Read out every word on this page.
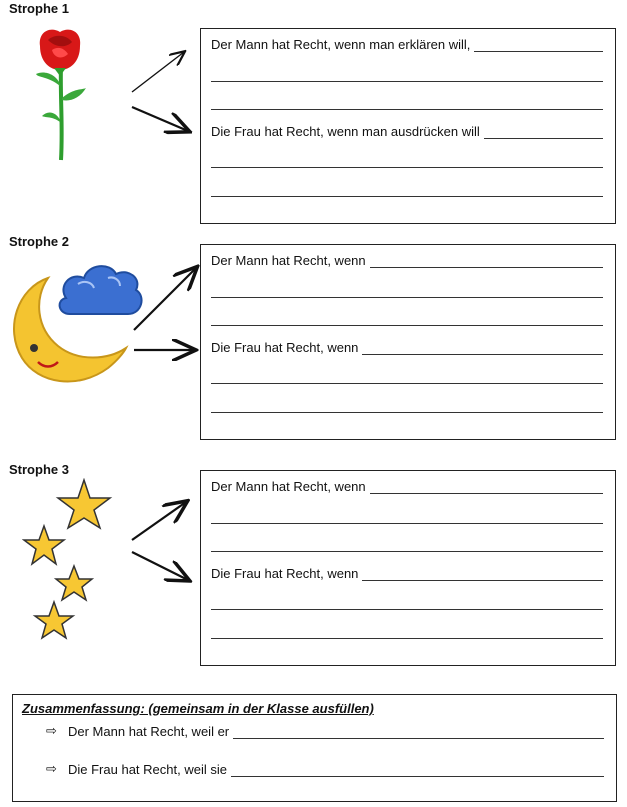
Strophe 1
Der Mann hat Recht, wenn man erklären will,
Die Frau hat Recht, wenn man ausdrücken will
Strophe 2
Der Mann hat Recht, wenn
Die Frau hat Recht, wenn
Strophe 3
Der Mann hat Recht, wenn
Die Frau hat Recht, wenn
Zusammenfassung: (gemeinsam in der Klasse ausfüllen)
⇨ Der Mann hat Recht, weil er
⇨ Die Frau hat Recht, weil sie
